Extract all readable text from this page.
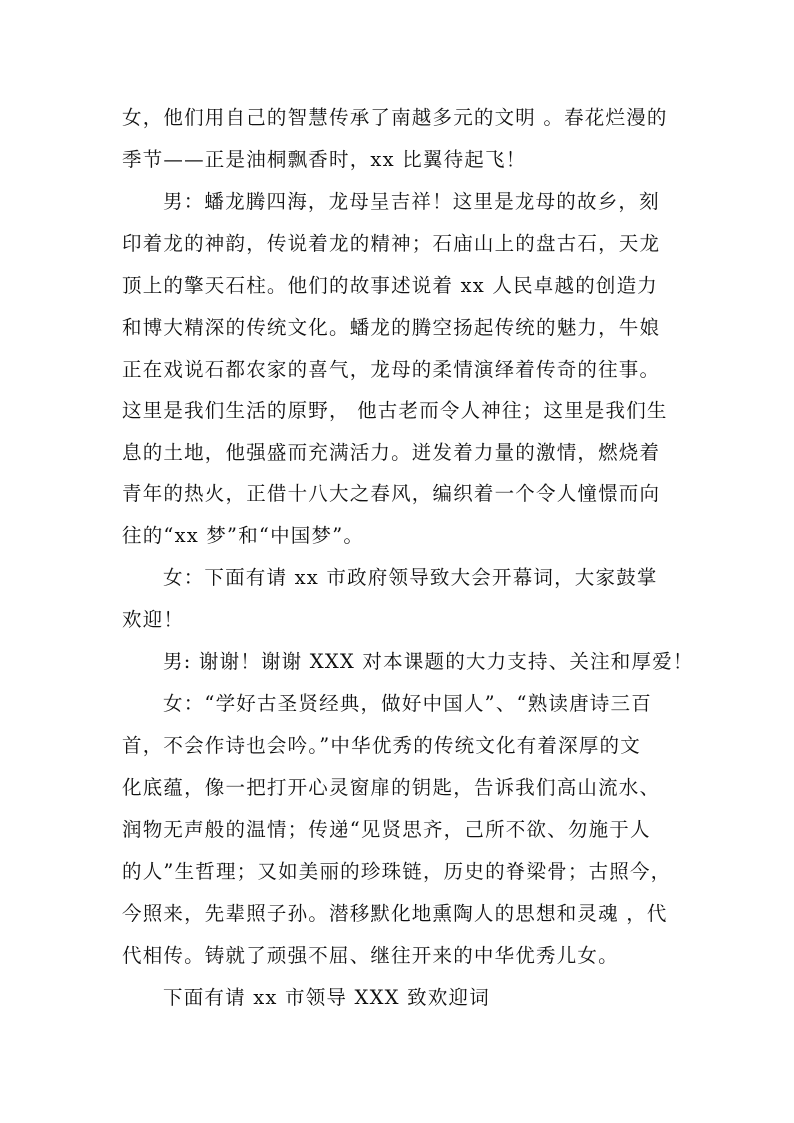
女，他们用自己的智慧传承了南越多元的文明 。春花烂漫的
季节——正是油桐飘香时，xx 比翼待起飞！
男：蟠龙腾四海，龙母呈吉祥！这里是龙母的故乡，刻
印着龙的神韵，传说着龙的精神；石庙山上的盘古石，天龙
顶上的擎天石柱。他们的故事述说着 xx 人民卓越的创造力
和博大精深的传统文化。蟠龙的腾空扬起传统的魅力，牛娘
正在戏说石都农家的喜气，龙母的柔情演绎着传奇的往事。
这里是我们生活的原野， 他古老而令人神往；这里是我们生
息的土地，他强盛而充满活力。迸发着力量的激情，燃烧着
青年的热火，正借十八大之春风，编织着一个令人憧憬而向
往的“xx 梦”和“中国梦”。
女：下面有请 xx 市政府领导致大会开幕词，大家鼓掌
欢迎！
男: 谢谢！谢谢 XXX 对本课题的大力支持、关注和厚爱！
女：“学好古圣贤经典，做好中国人”、“熟读唐诗三百
首，不会作诗也会吟。”中华优秀的传统文化有着深厚的文
化底蕴，像一把打开心灵窗扉的钥匙，告诉我们高山流水、
润物无声般的温情；传递“见贤思齐，己所不欲、勿施于人
的人”生哲理；又如美丽的珍珠链，历史的脊梁骨；古照今，
今照来，先辈照子孙。潜移默化地熏陶人的思想和灵魂 ，代
代相传。铸就了顽强不屈、继往开来的中华优秀儿女。
下面有请 xx 市领导 XXX 致欢迎词
